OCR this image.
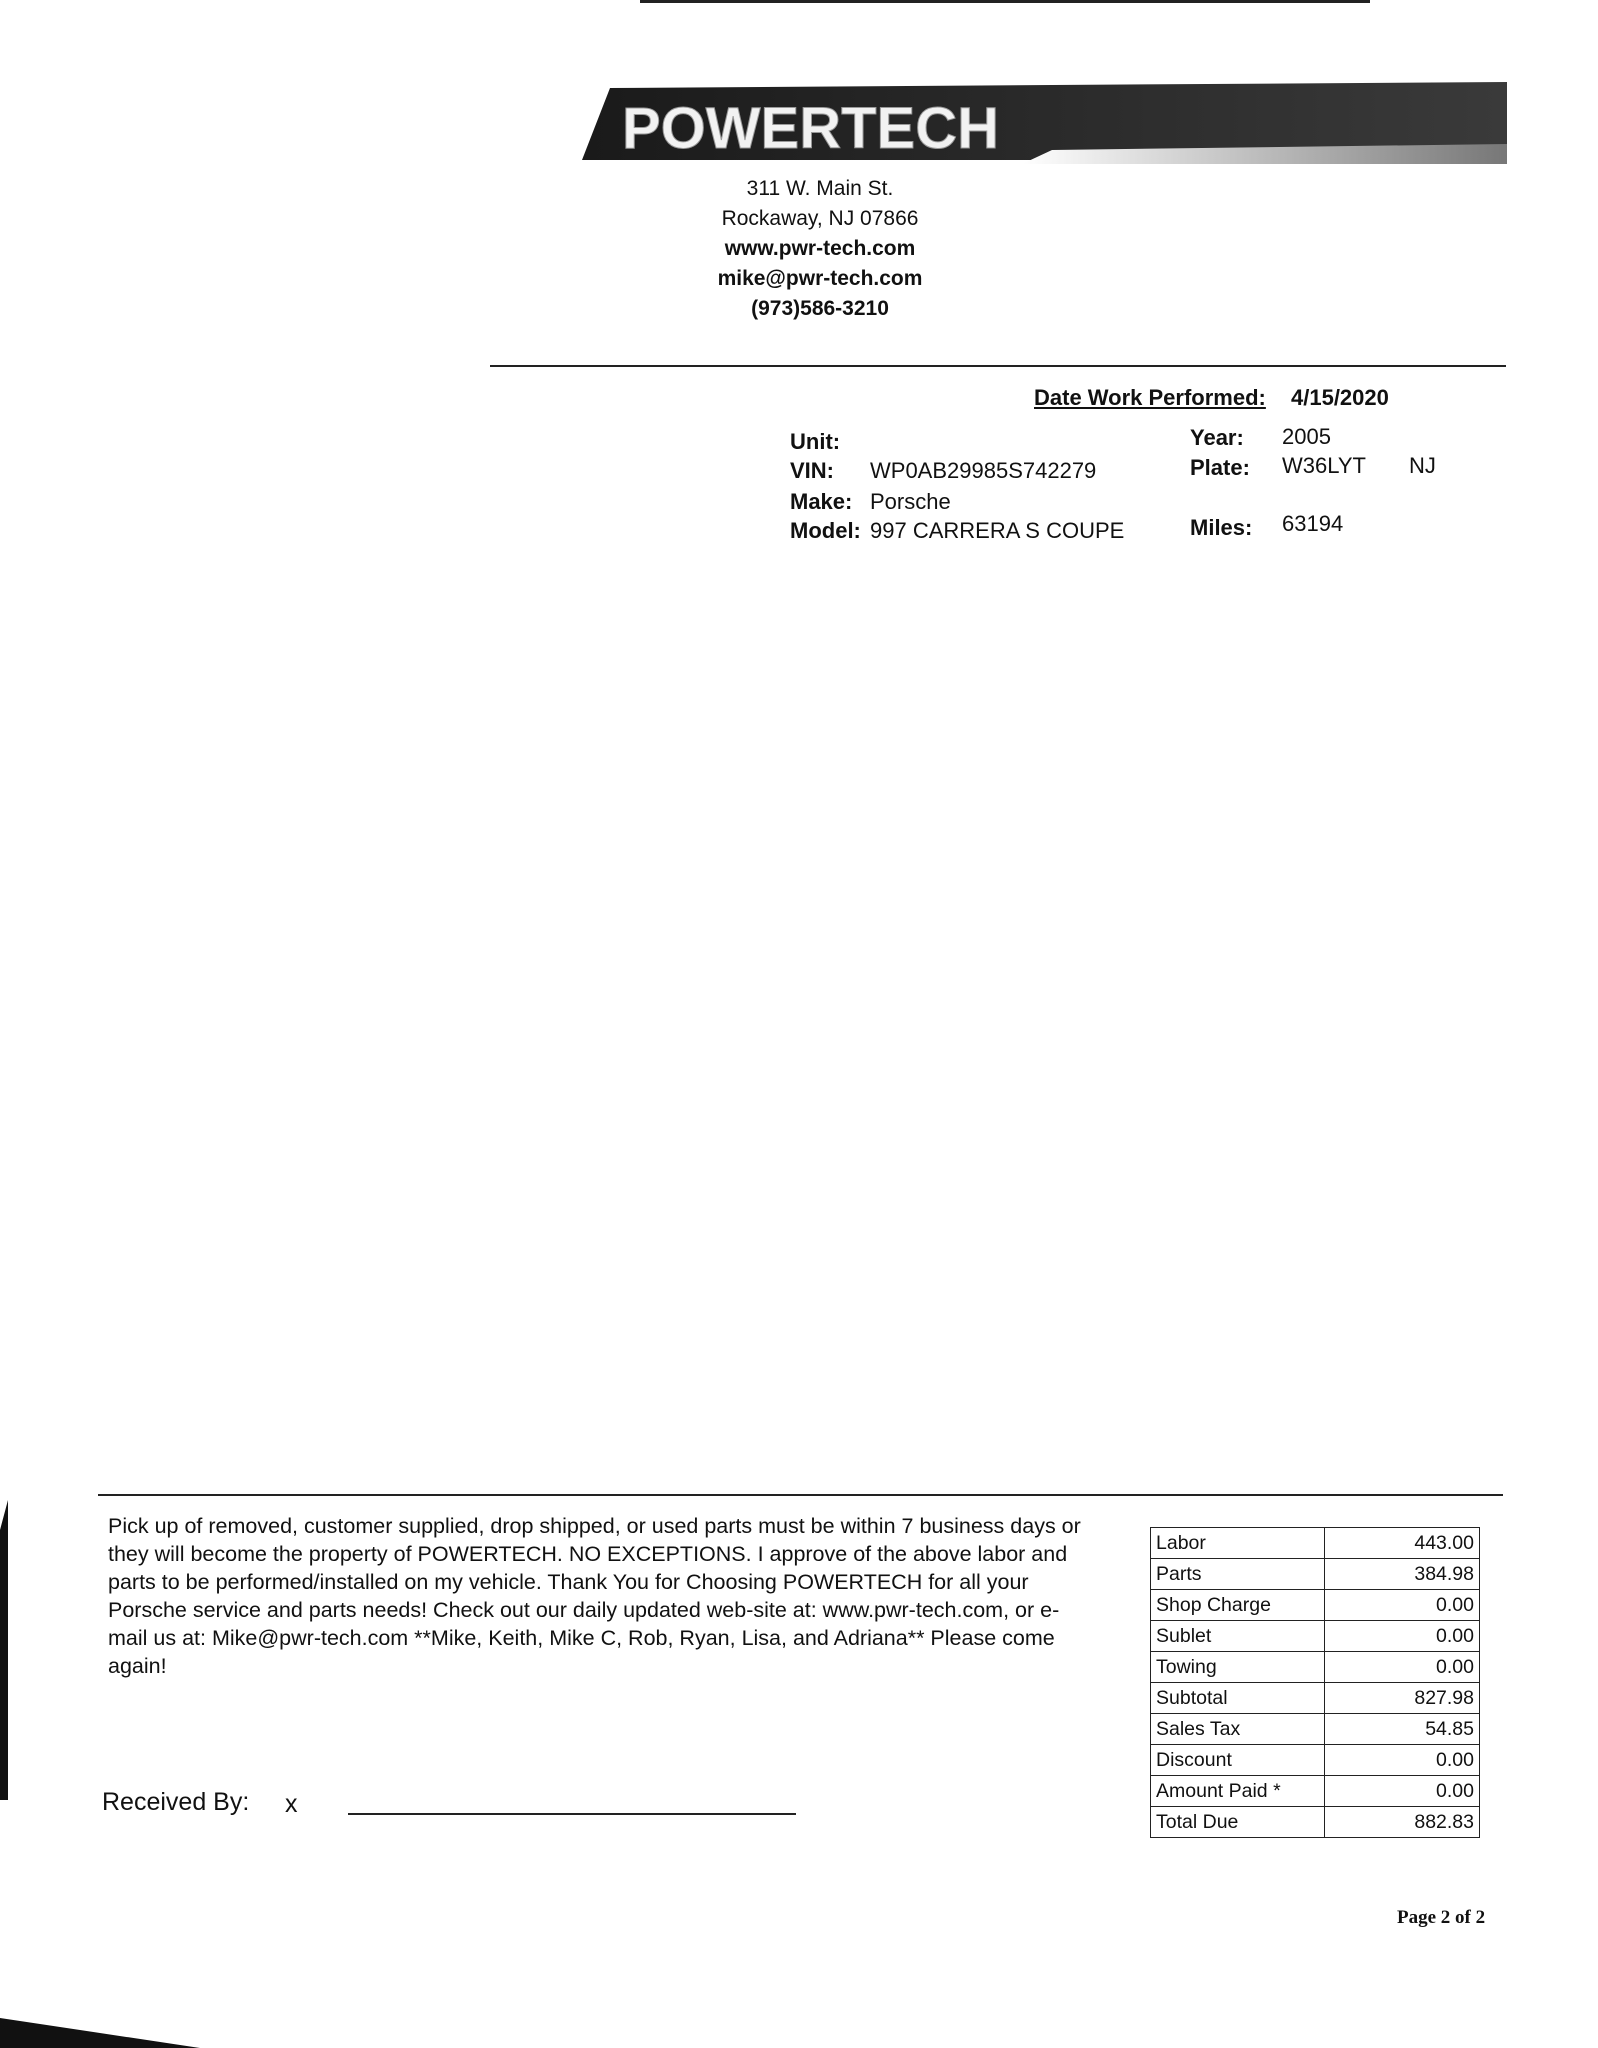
POWERTECH
311 W. Main St.
Rockaway, NJ 07866
www.pwr-tech.com
mike@pwr-tech.com
(973)586-3210
Date Work Performed: 4/15/2020
Unit:
VIN: WP0AB29985S742279
Make: Porsche
Model: 997 CARRERA S COUPE
Year: 2005
Plate: W36LYT NJ
Miles: 63194
Pick up of removed, customer supplied, drop shipped, or used parts must be within 7 business days or they will become the property of POWERTECH. NO EXCEPTIONS. I approve of the above labor and parts to be performed/installed on my vehicle. Thank You for Choosing POWERTECH for all your Porsche service and parts needs! Check out our daily updated web-site at: www.pwr-tech.com, or e-mail us at: Mike@pwr-tech.com **Mike, Keith, Mike C, Rob, Ryan, Lisa, and Adriana** Please come again!
Received By: x
Labor	443.00
Parts	384.98
Shop Charge	0.00
Sublet	0.00
Towing	0.00
Subtotal	827.98
Sales Tax	54.85
Discount	0.00
Amount Paid *	0.00
Total Due	882.83
Page 2 of 2
